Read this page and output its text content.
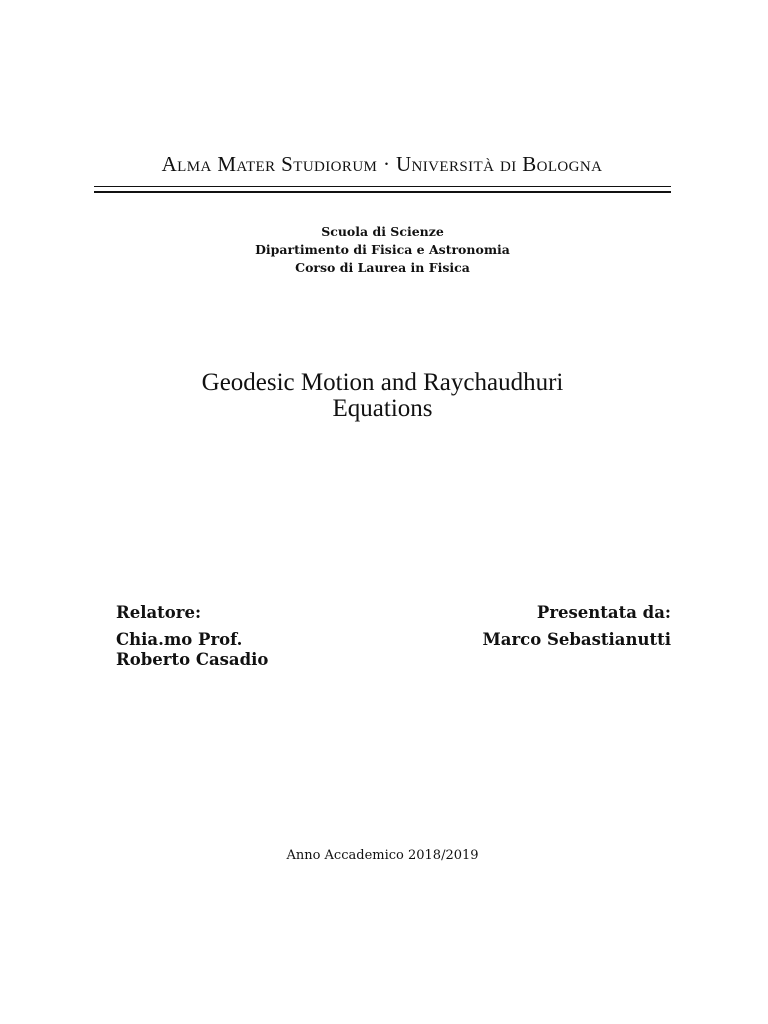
Alma Mater Studiorum · Università di Bologna
Scuola di Scienze
Dipartimento di Fisica e Astronomia
Corso di Laurea in Fisica
Geodesic Motion and Raychaudhuri
Equations
Relatore:
Chia.mo Prof.
Roberto Casadio
Presentata da:
Marco Sebastianutti
Anno Accademico 2018/2019
